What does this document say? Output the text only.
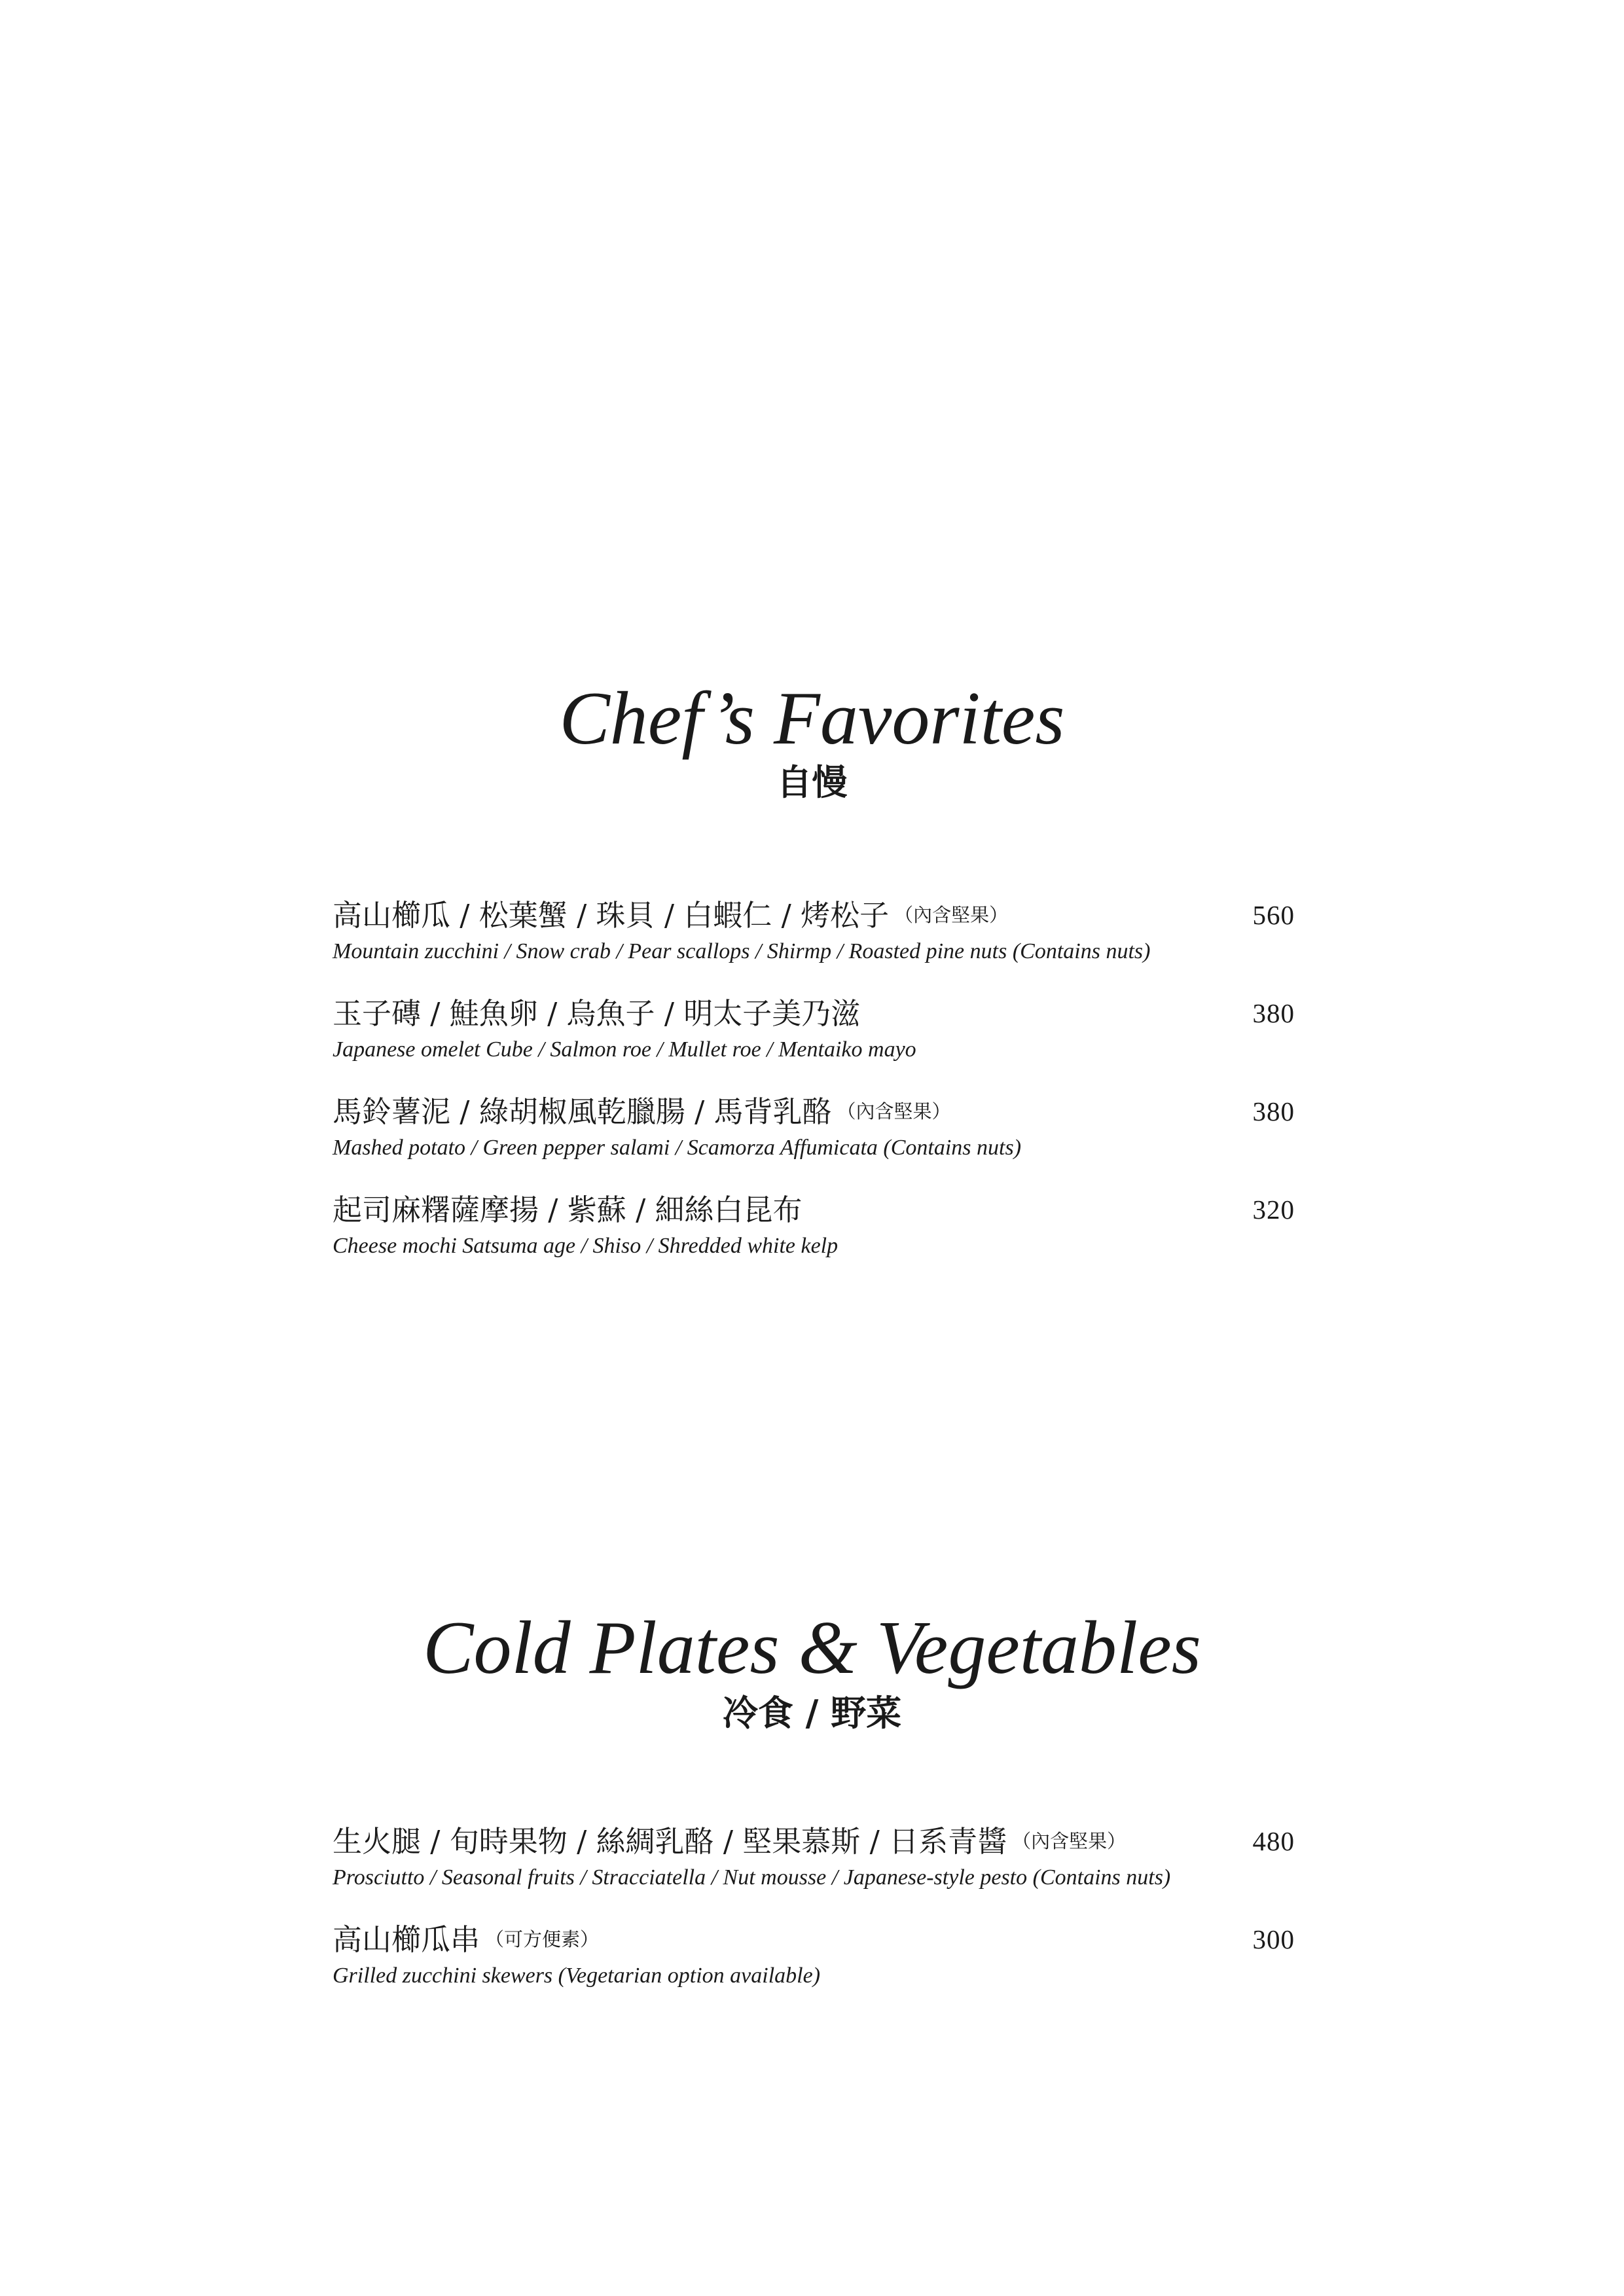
Chef’s Favorites
自慢
高山櫛瓜 / 松葉蟹 / 珠貝 / 白蝦仁 / 烤松子 （內含堅果）
Mountain zucchini / Snow crab / Pear scallops / Shirmp / Roasted pine nuts (Contains nuts)
560
玉子磚 / 鮭魚卵 / 烏魚子 / 明太子美乃滋
Japanese omelet Cube / Salmon roe / Mullet roe / Mentaiko mayo
380
馬鈴薯泥 / 綠胡椒風乾臘腸 / 馬背乳酪 （內含堅果）
Mashed potato / Green pepper salami / Scamorza Affumicata (Contains nuts)
380
起司麻糬薩摩揚 / 紫蘇 / 細絲白昆布
Cheese mochi Satsuma age / Shiso / Shredded white kelp
320
Cold Plates & Vegetables
冷食 / 野菜
生火腿 / 旬時果物 / 絲綢乳酪 / 堅果慕斯 / 日系青醬 （內含堅果）
Prosciutto / Seasonal fruits / Stracciatella / Nut mousse / Japanese-style pesto (Contains nuts)
480
高山櫛瓜串 （可方便素）
Grilled zucchini skewers (Vegetarian option available)
300
